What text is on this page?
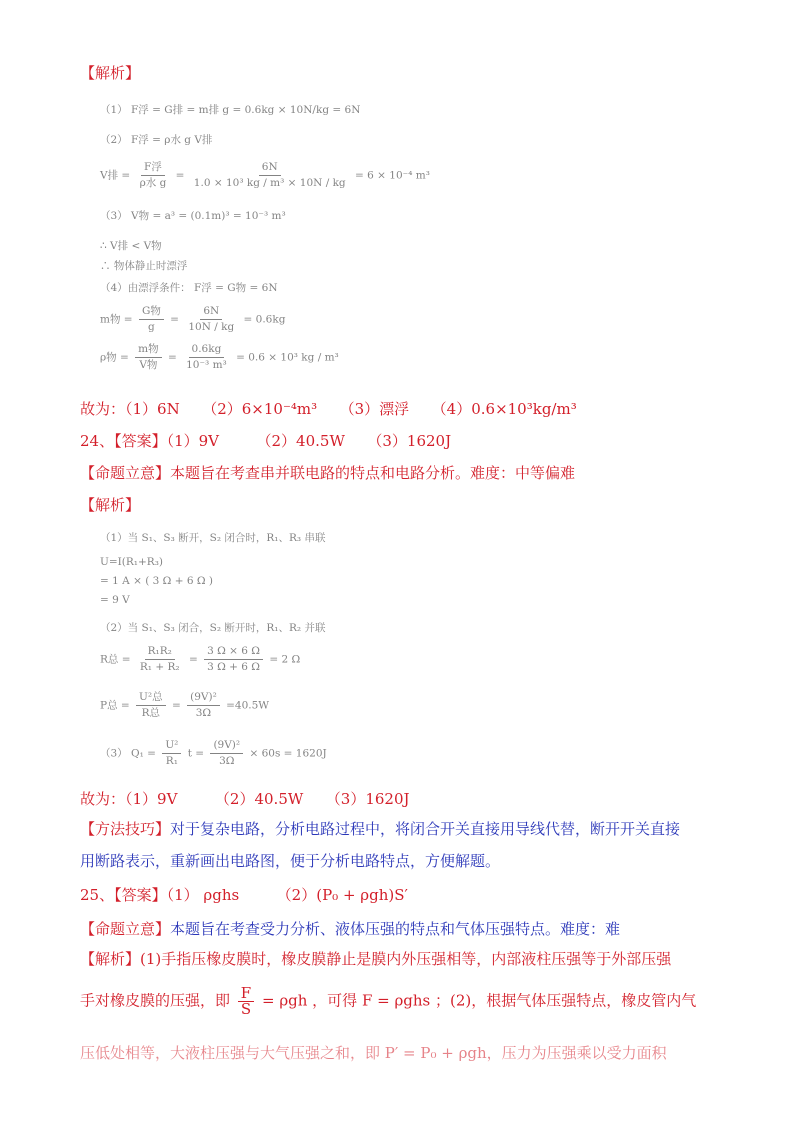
【解析】
（1） F浮 = G排 = m排 g = 0.6kg × 10N/kg = 6N
（2） F浮 = ρ水 g V排
V排 = $\frac{\text{F浮}}{\text{ρ水 g}} = \frac{6N}{\text{1.0 × 10³ kg / m³ × 10N / kg}} = 6 \times 10^{-4}$ m³
（3） V物 = a³ = (0.1m)³ = 10⁻³ m³
∴ V排 < V物
∴ 物体静止时漂浮
（4）由漂浮条件： F浮 = G物 = 6N
m物 = $\frac{\text{G物}}{g} = \frac{6N}{10N / kg} = 0.6kg$
ρ物 = $\frac{\text{m物}}{\text{V物}} = \frac{0.6kg}{\text{10⁻³ m³}} = 0.6 \times 10^3$ kg / m³
故为：（1）6N　　（2）6×10⁻⁴m³　　（3）漂浮　　（4）0.6×10³kg/m³
24、【答案】（1）9V　　　（2）40.5W　　（3）1620J
【命题立意】本题旨在考查串并联电路的特点和电路分析。难度：中等偏难
【解析】
（1）当 S₁、S₃ 断开，S₂ 闭合时，R₁、R₃ 串联
U=I(R₁+R₃)
= 1 A × ( 3 Ω + 6 Ω )
= 9 V
（2）当 S₁、S₃ 闭合，S₂ 断开时，R₁、R₂ 并联
R总 = $\frac{\text{R₁R₂}}{\text{R₁ + R₂}} = \frac{3 \Omega \times 6 \Omega}{3 \Omega + 6 \Omega} = 2$ Ω
P总 = $\frac{\text{U²总}}{\text{R总}} = \frac{\text{(9V)²}}{3\Omega} =40.5W$
（3） $Q_1 = \frac{\text{U²}}{\text{R₁}}$ $t = \frac{\text{(9V)²}}{3\Omega} \times 60s = 1620J$
故为：（1）9V　　　（2）40.5W　　（3）1620J
【方法技巧】对于复杂电路，分析电路过程中，将闭合开关直接用导线代替，断开开关直接
用断路表示，重新画出电路图，便于分析电路特点，方便解题。
25、【答案】（1） ρghs　　　（2）(P₀ + ρgh)S′
【命题立意】本题旨在考查受力分析、液体压强的特点和气体压强特点。难度：难
【解析】(1)手指压橡皮膜时，橡皮膜静止是膜内外压强相等，内部液柱压强等于外部压强
手对橡皮膜的压强，即 $\frac{F}{S} = \rho gh$ ，可得 F = ρghs ；(2)，根据气体压强特点，橡皮管内气
压低处相等，大液柱压强与大气压强之和，即 P′ = P₀ + ρgh，压力为压强乘以受力面积
